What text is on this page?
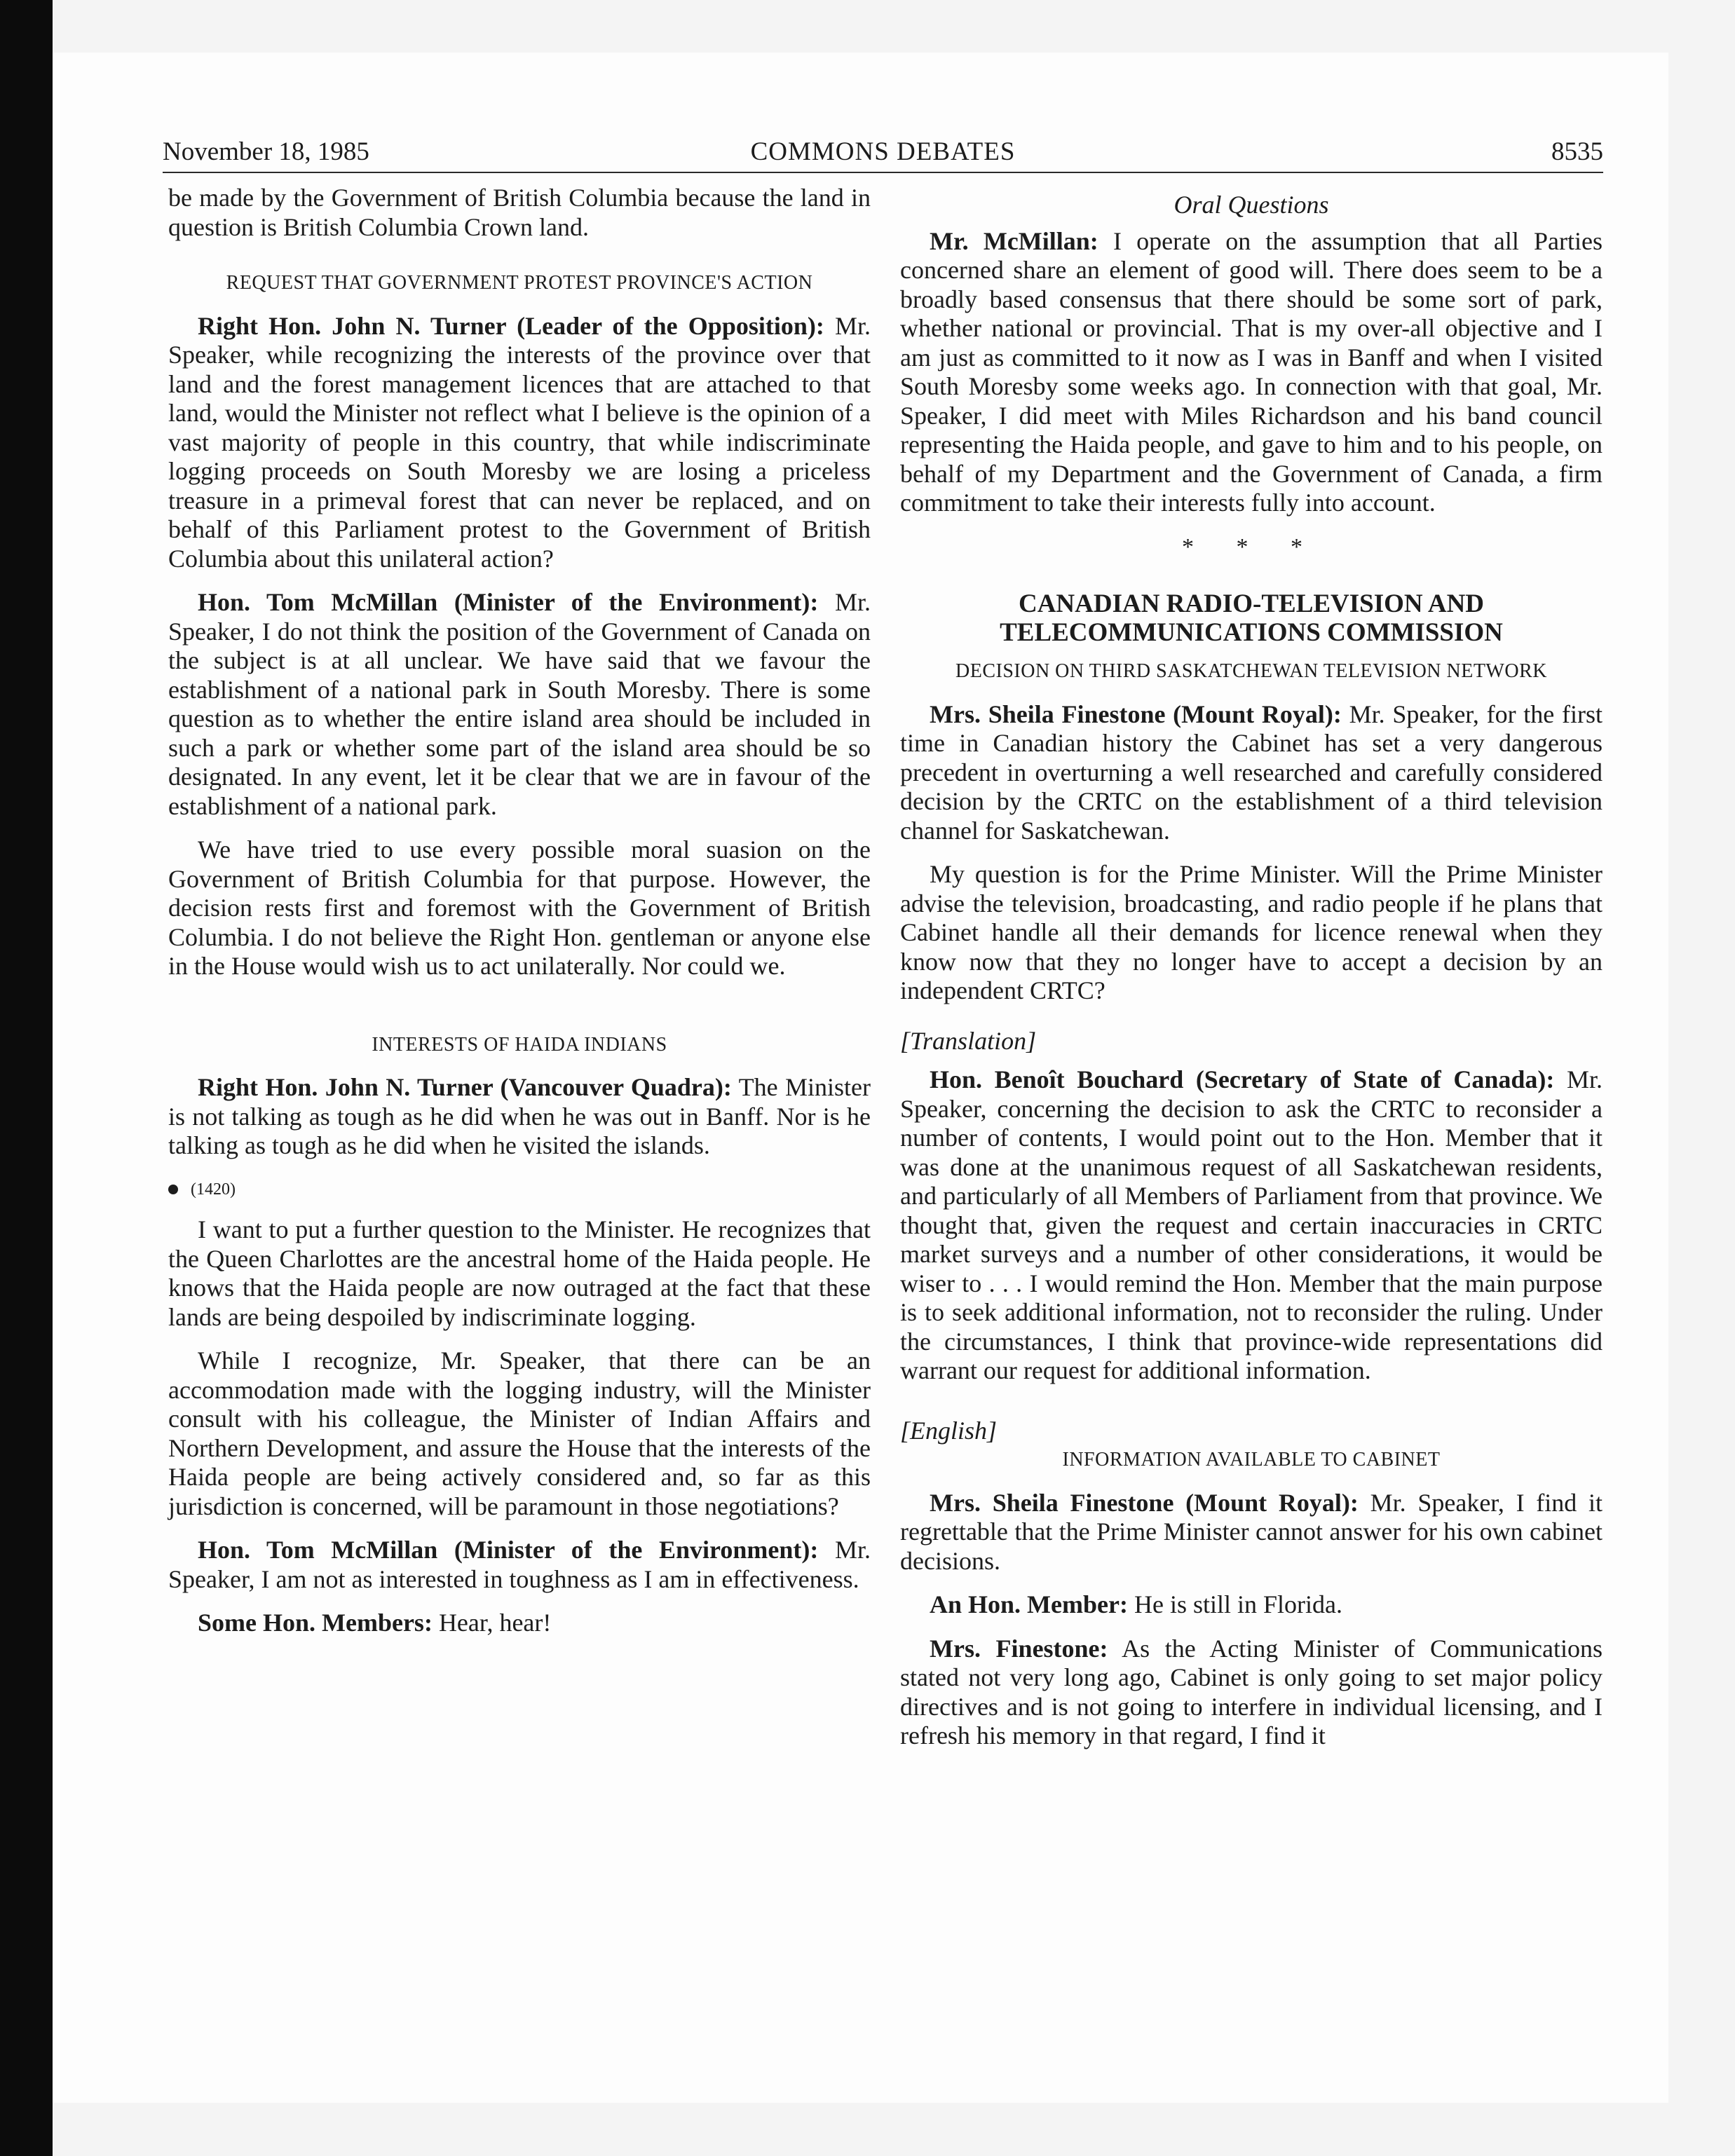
November 18, 1985	COMMONS DEBATES	8535

be made by the Government of British Columbia because the land in question is British Columbia Crown land.

REQUEST THAT GOVERNMENT PROTEST PROVINCE'S ACTION

Right Hon. John N. Turner (Leader of the Opposition): Mr. Speaker, while recognizing the interests of the province over that land and the forest management licences that are attached to that land, would the Minister not reflect what I believe is the opinion of a vast majority of people in this country, that while indiscriminate logging proceeds on South Moresby we are losing a priceless treasure in a primeval forest that can never be replaced, and on behalf of this Parliament protest to the Government of British Columbia about this unilateral action?

Hon. Tom McMillan (Minister of the Environment): Mr. Speaker, I do not think the position of the Government of Canada on the subject is at all unclear. We have said that we favour the establishment of a national park in South Moresby. There is some question as to whether the entire island area should be included in such a park or whether some part of the island area should be so designated. In any event, let it be clear that we are in favour of the establishment of a national park.

We have tried to use every possible moral suasion on the Government of British Columbia for that purpose. However, the decision rests first and foremost with the Government of British Columbia. I do not believe the Right Hon. gentleman or anyone else in the House would wish us to act unilaterally. Nor could we.

INTERESTS OF HAIDA INDIANS

Right Hon. John N. Turner (Vancouver Quadra): The Minister is not talking as tough as he did when he was out in Banff. Nor is he talking as tough as he did when he visited the islands.

(1420)

I want to put a further question to the Minister. He recognizes that the Queen Charlottes are the ancestral home of the Haida people. He knows that the Haida people are now outraged at the fact that these lands are being despoiled by indiscriminate logging.

While I recognize, Mr. Speaker, that there can be an accommodation made with the logging industry, will the Minister consult with his colleague, the Minister of Indian Affairs and Northern Development, and assure the House that the interests of the Haida people are being actively considered and, so far as this jurisdiction is concerned, will be paramount in those negotiations?

Hon. Tom McMillan (Minister of the Environment): Mr. Speaker, I am not as interested in toughness as I am in effectiveness.

Some Hon. Members: Hear, hear!

Oral Questions

Mr. McMillan: I operate on the assumption that all Parties concerned share an element of good will. There does seem to be a broadly based consensus that there should be some sort of park, whether national or provincial. That is my over-all objective and I am just as committed to it now as I was in Banff and when I visited South Moresby some weeks ago. In connection with that goal, Mr. Speaker, I did meet with Miles Richardson and his band council representing the Haida people, and gave to him and to his people, on behalf of my Department and the Government of Canada, a firm commitment to take their interests fully into account.

* * *
CANADIAN RADIO-TELEVISION AND
TELECOMMUNICATIONS COMMISSION
DECISION ON THIRD SASKATCHEWAN TELEVISION NETWORK

Mrs. Sheila Finestone (Mount Royal): Mr. Speaker, for the first time in Canadian history the Cabinet has set a very dangerous precedent in overturning a well researched and carefully considered decision by the CRTC on the establishment of a third television channel for Saskatchewan.

My question is for the Prime Minister. Will the Prime Minister advise the television, broadcasting, and radio people if he plans that Cabinet handle all their demands for licence renewal when they know now that they no longer have to accept a decision by an independent CRTC?

[Translation]

Hon. Benoît Bouchard (Secretary of State of Canada): Mr. Speaker, concerning the decision to ask the CRTC to reconsider a number of contents, I would point out to the Hon. Member that it was done at the unanimous request of all Saskatchewan residents, and particularly of all Members of Parliament from that province. We thought that, given the request and certain inaccuracies in CRTC market surveys and a number of other considerations, it would be wiser to . . . I would remind the Hon. Member that the main purpose is to seek additional information, not to reconsider the ruling. Under the circumstances, I think that province-wide representations did warrant our request for additional information.

[English]
INFORMATION AVAILABLE TO CABINET

Mrs. Sheila Finestone (Mount Royal): Mr. Speaker, I find it regrettable that the Prime Minister cannot answer for his own cabinet decisions.

An Hon. Member: He is still in Florida.

Mrs. Finestone: As the Acting Minister of Communications stated not very long ago, Cabinet is only going to set major policy directives and is not going to interfere in individual licensing, and I refresh his memory in that regard, I find it
